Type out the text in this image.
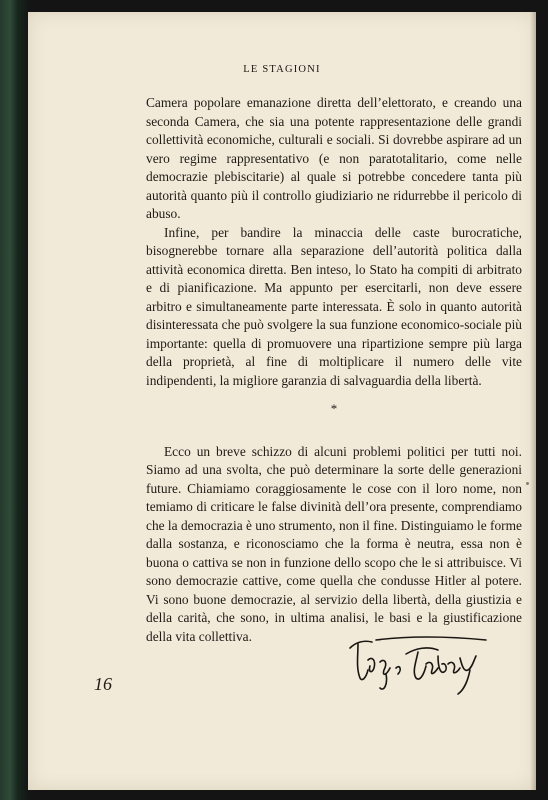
LE STAGIONI

Camera popolare emanazione diretta dell’elettorato, e creando una seconda Camera, che sia una potente rappresentazione delle grandi collettività economiche, culturali e sociali. Si dovrebbe aspirare ad un vero regime rappresentativo (e non paratotalitario, come nelle democrazie plebiscitarie) al quale si potrebbe concedere tanta più autorità quanto più il controllo giudiziario ne ridurrebbe il pericolo di abuso.

Infine, per bandire la minaccia delle caste burocratiche, bisognerebbe tornare alla separazione dell’autorità politica dalla attività economica diretta. Ben inteso, lo Stato ha compiti di arbitrato e di pianificazione. Ma appunto per esercitarli, non deve essere arbitro e simultaneamente parte interessata. È solo in quanto autorità disinteressata che può svolgere la sua funzione economico-sociale più importante: quella di promuovere una ripartizione sempre più larga della proprietà, al fine di moltiplicare il numero delle vite indipendenti, la migliore garanzia di salvaguardia della libertà.

*

Ecco un breve schizzo di alcuni problemi politici per tutti noi. Siamo ad una svolta, che può determinare la sorte delle generazioni future. Chiamiamo coraggiosamente le cose con il loro nome, non temiamo di criticare le false divinità dell’ora presente, comprendiamo che la democrazia è uno strumento, non il fine. Distinguiamo le forme dalla sostanza, e riconosciamo che la forma è neutra, essa non è buona o cattiva se non in funzione dello scopo che le si attribuisce. Vi sono democrazie cattive, come quella che condusse Hitler al potere. Vi sono buone democrazie, al servizio della libertà, della giustizia e della carità, che sono, in ultima analisi, le basi e la giustificazione della vita collettiva.

16
